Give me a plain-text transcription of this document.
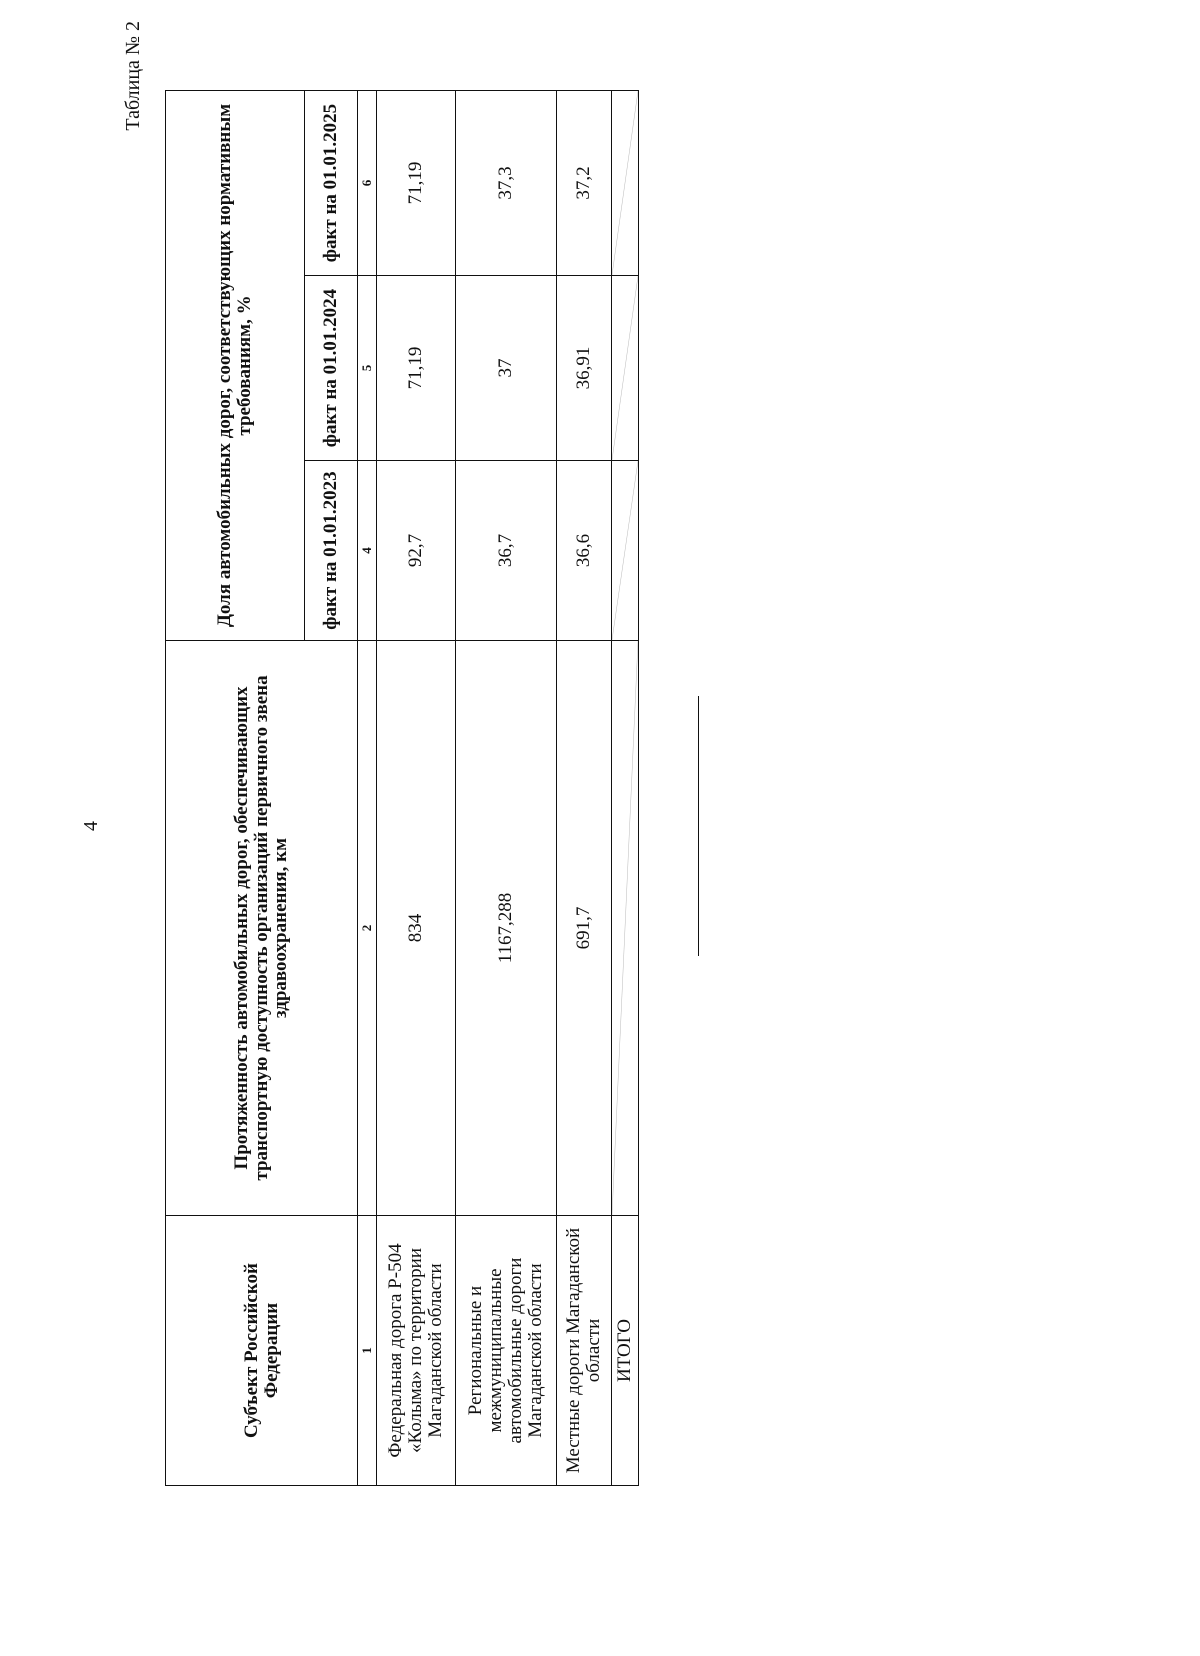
4
Таблица № 2
Субъект Российской Федерации	Протяженность автомобильных дорог, обеспечивающих транспортную доступность организаций первичного звена здравоохранения, км	Доля автомобильных дорог, соответствующих нормативным требованиям, %		
		факт на 01.01.2023	факт на 01.01.2024	факт на 01.01.2025
1	2	4	5	6
Федеральная дорога Р-504 «Колыма» по территории Магаданской области	834	92,7	71,19	71,19
Региональные и межмуниципальные автомобильные дороги Магаданской области	1167,288	36,7	37	37,3
Местные дороги Магаданской области	691,7	36,6	36,91	37,2
ИТОГО	
